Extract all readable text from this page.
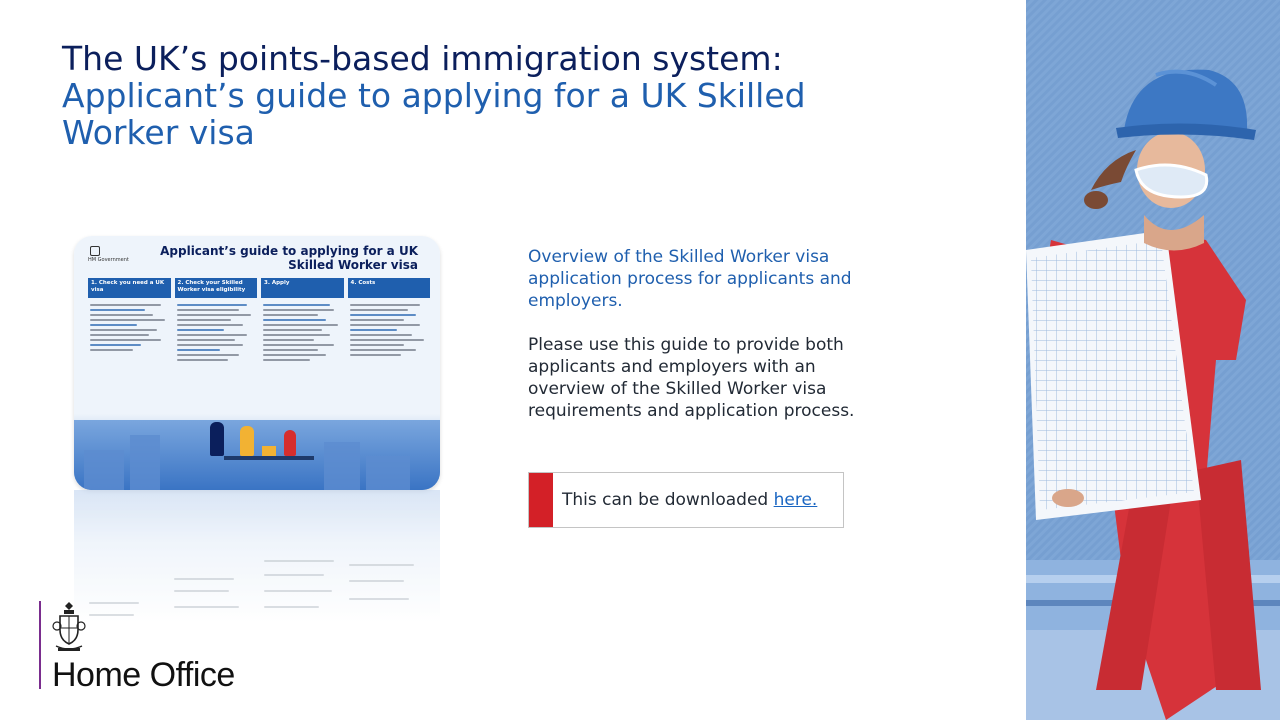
The UK’s points-based immigration system:
Applicant’s guide to applying for a UK Skilled Worker visa
HM Government
Applicant’s guide to applying for a UK Skilled Worker visa
1. Check you need a UK visa
2. Check your Skilled Worker visa eligibility
3. Apply	4. Costs

Overview of the Skilled Worker visa application process for applicants and employers.

Please use this guide to provide both applicants and employers with an overview of the Skilled Worker visa requirements and application process.

This can be downloaded here.
Home Office
